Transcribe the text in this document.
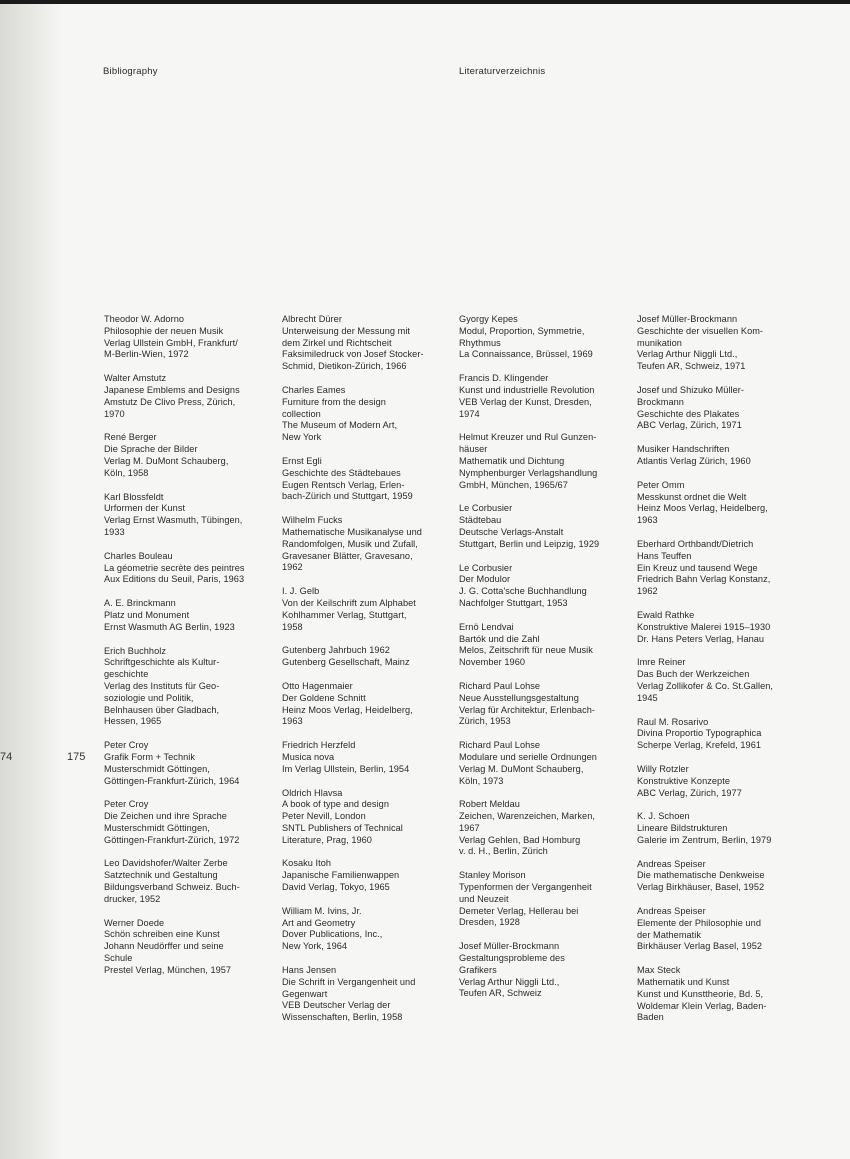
Bibliography	Literaturverzeichnis
74	175
Theodor W. Adorno
Philosophie der neuen Musik
Verlag Ullstein GmbH, Frankfurt/
M-Berlin-Wien, 1972
Walter Amstutz
Japanese Emblems and Designs
Amstutz De Clivo Press, Zürich,
1970
René Berger
Die Sprache der Bilder
Verlag M. DuMont Schauberg,
Köln, 1958
Karl Blossfeldt
Urformen der Kunst
Verlag Ernst Wasmuth, Tübingen,
1933
Charles Bouleau
La géometrie secrète des peintres
Aux Editions du Seuil, Paris, 1963
A. E. Brinckmann
Platz und Monument
Ernst Wasmuth AG Berlin, 1923
Erich Buchholz
Schriftgeschichte als Kultur-
geschichte
Verlag des Instituts für Geo-
soziologie und Politik,
Belnhausen über Gladbach,
Hessen, 1965
Peter Croy
Grafik Form + Technik
Musterschmidt Göttingen,
Göttingen-Frankfurt-Zürich, 1964
Peter Croy
Die Zeichen und ihre Sprache
Musterschmidt Göttingen,
Göttingen-Frankfurt-Zürich, 1972
Leo Davidshofer/Walter Zerbe
Satztechnik und Gestaltung
Bildungsverband Schweiz. Buch-
drucker, 1952
Werner Doede
Schön schreiben eine Kunst
Johann Neudörffer und seine
Schule
Prestel Verlag, München, 1957
Albrecht Dürer
Unterweisung der Messung mit
dem Zirkel und Richtscheit
Faksimiledruck von Josef Stocker-
Schmid, Dietikon-Zürich, 1966
Charles Eames
Furniture from the design
collection
The Museum of Modern Art,
New York
Ernst Egli
Geschichte des Städtebaues
Eugen Rentsch Verlag, Erlen-
bach-Zürich und Stuttgart, 1959
Wilhelm Fucks
Mathematische Musikanalyse und
Randomfolgen, Musik und Zufall,
Gravesaner Blätter, Gravesano,
1962
I. J. Gelb
Von der Keilschrift zum Alphabet
Kohlhammer Verlag, Stuttgart,
1958
Gutenberg Jahrbuch 1962
Gutenberg Gesellschaft, Mainz
Otto Hagenmaier
Der Goldene Schnitt
Heinz Moos Verlag, Heidelberg,
1963
Friedrich Herzfeld
Musica nova
Im Verlag Ullstein, Berlin, 1954
Oldrich Hlavsa
A book of type and design
Peter Nevill, London
SNTL Publishers of Technical
Literature, Prag, 1960
Kosaku Itoh
Japanische Familienwappen
David Verlag, Tokyo, 1965
William M. Ivins, Jr.
Art and Geometry
Dover Publications, Inc.,
New York, 1964
Hans Jensen
Die Schrift in Vergangenheit und
Gegenwart
VEB Deutscher Verlag der
Wissenschaften, Berlin, 1958
Gyorgy Kepes
Modul, Proportion, Symmetrie,
Rhythmus
La Connaissance, Brüssel, 1969
Francis D. Klingender
Kunst und industrielle Revolution
VEB Verlag der Kunst, Dresden,
1974
Helmut Kreuzer und Rul Gunzen-
häuser
Mathematik und Dichtung
Nymphenburger Verlagshandlung
GmbH, München, 1965/67
Le Corbusier
Städtebau
Deutsche Verlags-Anstalt
Stuttgart, Berlin und Leipzig, 1929
Le Corbusier
Der Modulor
J. G. Cotta'sche Buchhandlung
Nachfolger Stuttgart, 1953
Ernö Lendvai
Bartók und die Zahl
Melos, Zeitschrift für neue Musik
November 1960
Richard Paul Lohse
Neue Ausstellungsgestaltung
Verlag für Architektur, Erlenbach-
Zürich, 1953
Richard Paul Lohse
Modulare und serielle Ordnungen
Verlag M. DuMont Schauberg,
Köln, 1973
Robert Meldau
Zeichen, Warenzeichen, Marken,
1967
Verlag Gehlen, Bad Homburg
v. d. H., Berlin, Zürich
Stanley Morison
Typenformen der Vergangenheit
und Neuzeit
Demeter Verlag, Hellerau bei
Dresden, 1928
Josef Müller-Brockmann
Gestaltungsprobleme des
Grafikers
Verlag Arthur Niggli Ltd.,
Teufen AR, Schweiz
Josef Müller-Brockmann
Geschichte der visuellen Kom-
munikation
Verlag Arthur Niggli Ltd.,
Teufen AR, Schweiz, 1971
Josef und Shizuko Müller-
Brockmann
Geschichte des Plakates
ABC Verlag, Zürich, 1971
Musiker Handschriften
Atlantis Verlag Zürich, 1960
Peter Omm
Messkunst ordnet die Welt
Heinz Moos Verlag, Heidelberg,
1963
Eberhard Orthbandt/Dietrich
Hans Teuffen
Ein Kreuz und tausend Wege
Friedrich Bahn Verlag Konstanz,
1962
Ewald Rathke
Konstruktive Malerei 1915–1930
Dr. Hans Peters Verlag, Hanau
Imre Reiner
Das Buch der Werkzeichen
Verlag Zollikofer & Co. St.Gallen,
1945
Raul M. Rosarivo
Divina Proportio Typographica
Scherpe Verlag, Krefeld, 1961
Willy Rotzler
Konstruktive Konzepte
ABC Verlag, Zürich, 1977
K. J. Schoen
Lineare Bildstrukturen
Galerie im Zentrum, Berlin, 1979
Andreas Speiser
Die mathematische Denkweise
Verlag Birkhäuser, Basel, 1952
Andreas Speiser
Elemente der Philosophie und
der Mathematik
Birkhäuser Verlag Basel, 1952
Max Steck
Mathematik und Kunst
Kunst und Kunsttheorie, Bd. 5,
Woldemar Klein Verlag, Baden-
Baden
